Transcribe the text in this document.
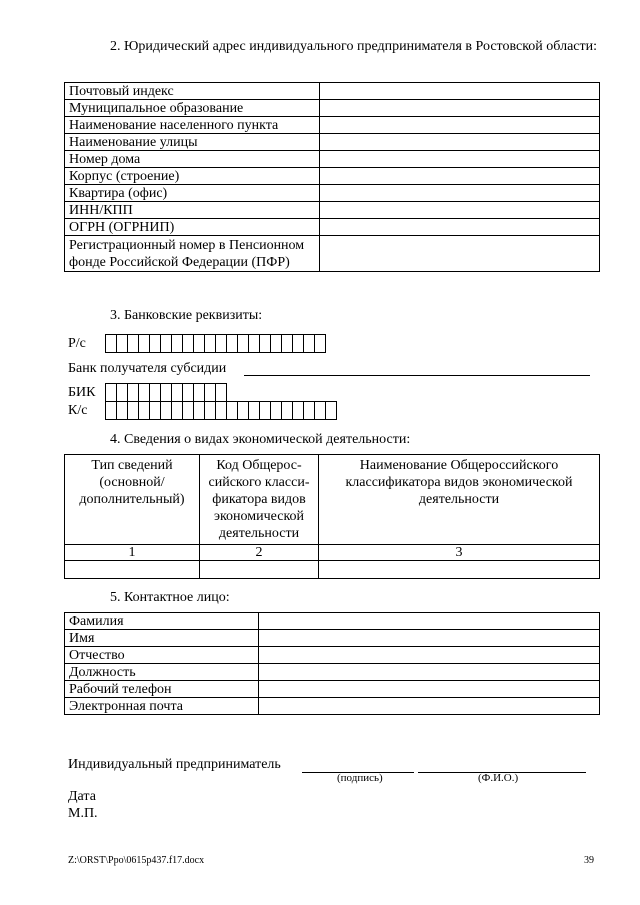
2. Юридический адрес индивидуального предпринимателя в Ростовской области:
Почтовый индекс	
Муниципальное образование	
Наименование населенного пункта	
Наименование улицы	
Номер дома	
Корпус (строение)	
Квартира (офис)	
ИНН/КПП	
ОГРН (ОГРНИП)	
Регистрационный номер в Пенсионном фонде Российской Федерации (ПФР)	
3. Банковские реквизиты:
Р/с
Банк получателя субсидии
БИК
К/с
4. Сведения о видах экономической деятельности:
Тип сведений (основной/ дополнительный)	Код Общерос-сийского класси-фикатора видов экономической деятельности	Наименование Общероссийского классификатора видов экономической деятельности
1	2	3

5. Контактное лицо:
Фамилия	
Имя	
Отчество	
Должность	
Рабочий телефон	
Электронная почта	
Индивидуальный предприниматель
(подпись)	(Ф.И.О.)
Дата
М.П.
Z:\ORST\Ppo\0615p437.f17.docx	39
